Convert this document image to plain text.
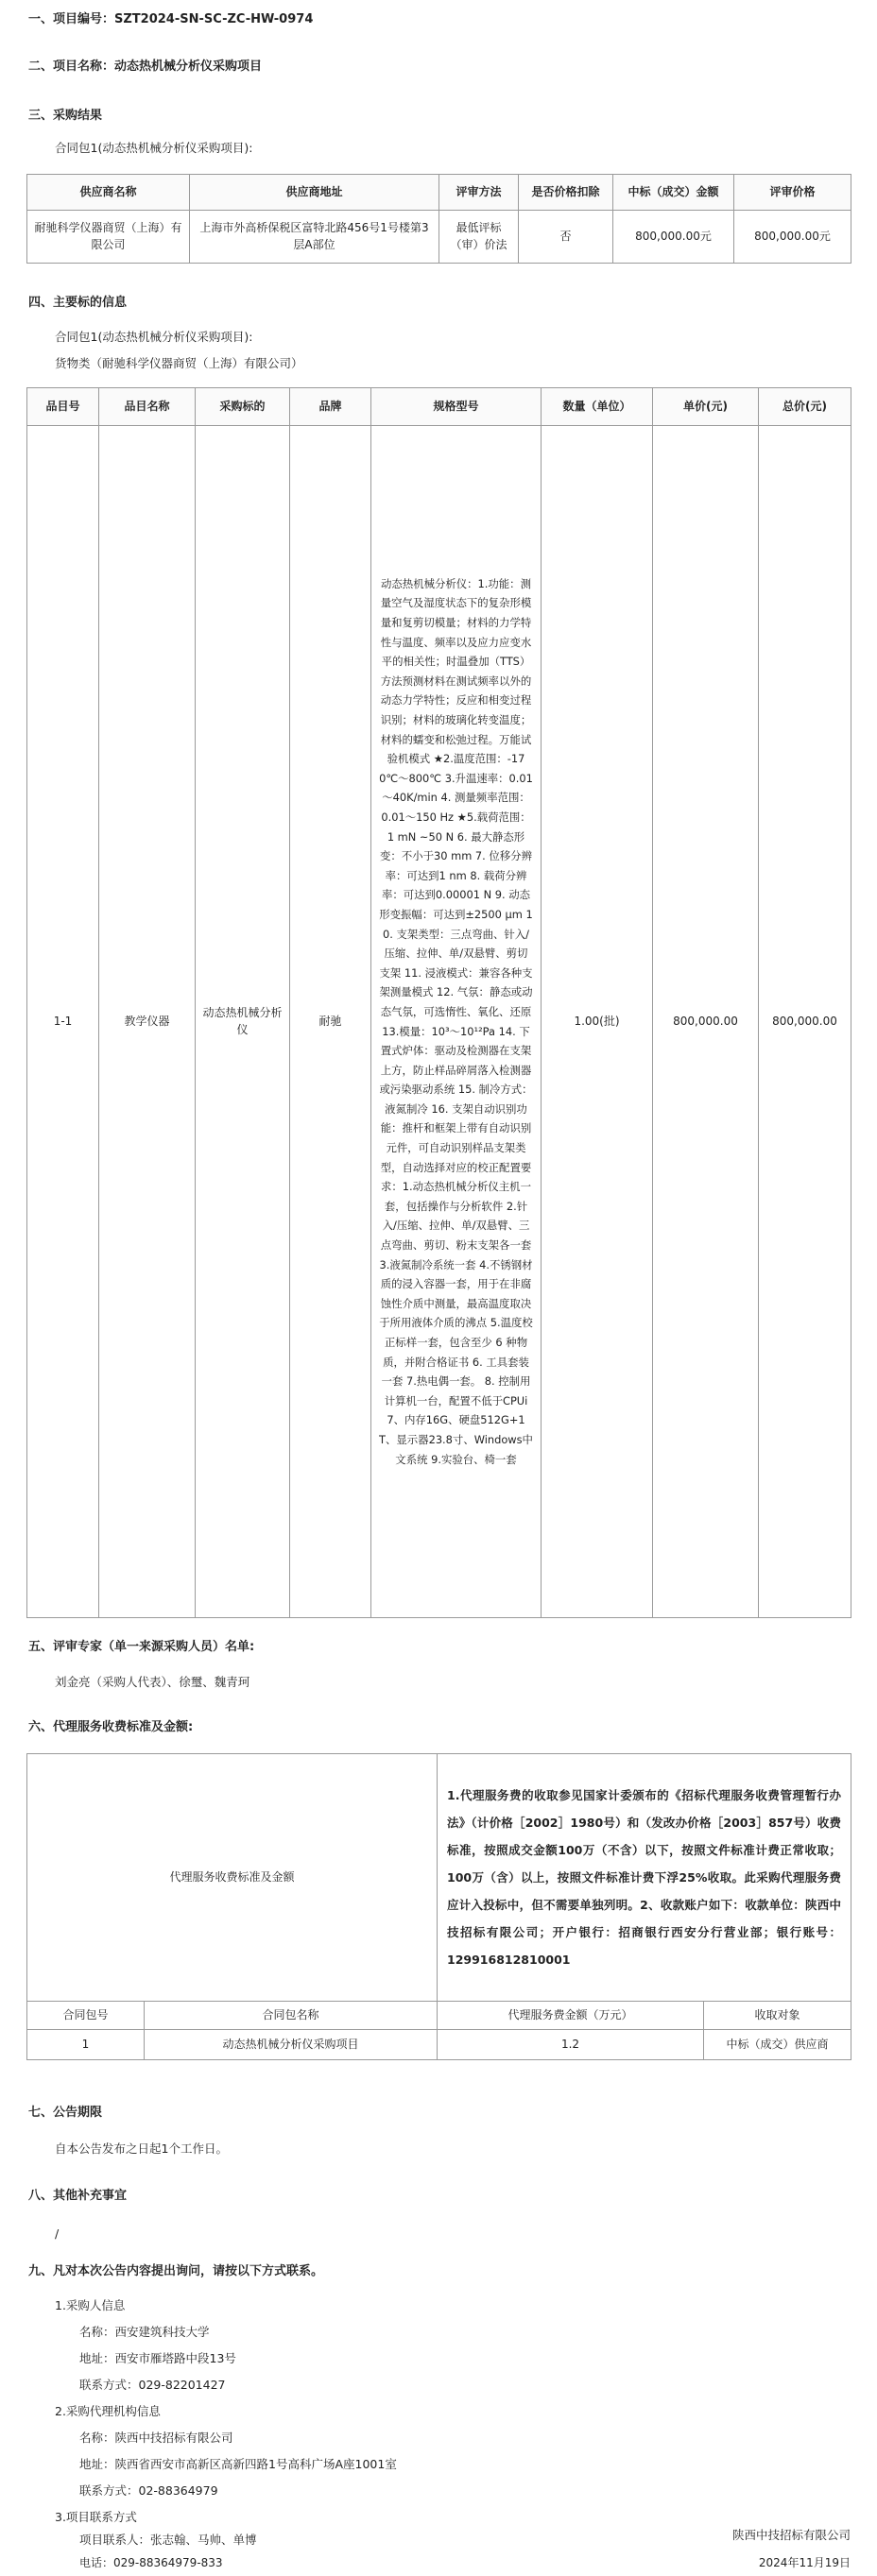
一、项目编号：SZT2024-SN-SC-ZC-HW-0974
二、项目名称：动态热机械分析仪采购项目
三、采购结果
合同包1(动态热机械分析仪采购项目):
供应商名称	供应商地址	评审方法	是否价格扣除	中标（成交）金额	评审价格
耐驰科学仪器商贸（上海）有限公司	上海市外高桥保税区富特北路456号1号楼第3层A部位	最低评标（审）价法	否	800,000.00元	800,000.00元
四、主要标的信息
合同包1(动态热机械分析仪采购项目):
货物类（耐驰科学仪器商贸（上海）有限公司）
品目号	品目名称	采购标的	品牌	规格型号	数量（单位）	单价(元)	总价(元)
1-1	教学仪器	动态热机械分析仪	耐驰	动态热机械分析仪：1.功能：测量空气及湿度状态下的复杂形模量和复剪切模量；材料的力学特性与温度、频率以及应力应变水平的相关性；时温叠加（TTS）方法预测材料在测试频率以外的动态力学特性；反应和相变过程识别；材料的玻璃化转变温度；材料的蠕变和松弛过程。万能试验机模式 ★2.温度范围：-170℃～800℃ 3.升温速率：0.01～40K/min 4. 测量频率范围：0.01～150 Hz ★5.载荷范围：1 mN ~50 N 6. 最大静态形变：不小于30 mm 7. 位移分辨率：可达到1 nm 8. 载荷分辨率：可达到0.00001 N 9. 动态形变振幅：可达到±2500 μm 10. 支架类型：三点弯曲、针入/压缩、拉伸、单/双悬臂、剪切支架 11. 浸液模式：兼容各种支架测量模式 12. 气氛：静态或动态气氛，可选惰性、氧化、还原 13.模量：10³～10¹²Pa 14. 下置式炉体：驱动及检测器在支架上方，防止样品碎屑落入检测器或污染驱动系统 15. 制冷方式：液氮制冷 16. 支架自动识别功能：推杆和框架上带有自动识别元件，可自动识别样品支架类型，自动选择对应的校正配置要求：1.动态热机械分析仪主机一套，包括操作与分析软件 2.针入/压缩、拉伸、单/双悬臂、三点弯曲、剪切、粉末支架各一套 3.液氮制冷系统一套 4.不锈钢材质的浸入容器一套，用于在非腐蚀性介质中测量，最高温度取决于所用液体介质的沸点 5.温度校正标样一套，包含至少 6 种物质，并附合格证书 6. 工具套装一套 7.热电偶一套。 8. 控制用计算机一台，配置不低于CPUi7、内存16G、硬盘512G+1T、显示器23.8寸、Windows中文系统 9.实验台、椅一套	1.00(批)	800,000.00	800,000.00
五、评审专家（单一来源采购人员）名单:
刘金亮（采购人代表）、徐璽、魏青珂
六、代理服务收费标准及金额:
代理服务收费标准及金额		1.代理服务费的收取参见国家计委颁布的《招标代理服务收费管理暂行办法》（计价格［2002］1980号）和（发改办价格［2003］857号）收费标准，按照成交金额100万（不含）以下，按照文件标准计费正常收取；100万（含）以上，按照文件标准计费下浮25%收取。此采购代理服务费应计入投标中，但不需要单独列明。2、收款账户如下：收款单位：陕西中技招标有限公司；开户银行：招商银行西安分行营业部；银行账号：129916812810001	
合同包号	合同包名称	代理服务费金额（万元）	收取对象
1	动态热机械分析仪采购项目	1.2	中标（成交）供应商
七、公告期限
自本公告发布之日起1个工作日。
八、其他补充事宜
/
九、凡对本次公告内容提出询问，请按以下方式联系。
1.采购人信息
名称：西安建筑科技大学
地址：西安市雁塔路中段13号
联系方式：029-82201427
2.采购代理机构信息
名称：陕西中技招标有限公司
地址：陕西省西安市高新区高新四路1号高科广场A座1001室
联系方式：02-88364979
3.项目联系方式
项目联系人：张志翰、马帅、单博
电话：029-88364979-833
陕西中技招标有限公司
2024年11月19日
